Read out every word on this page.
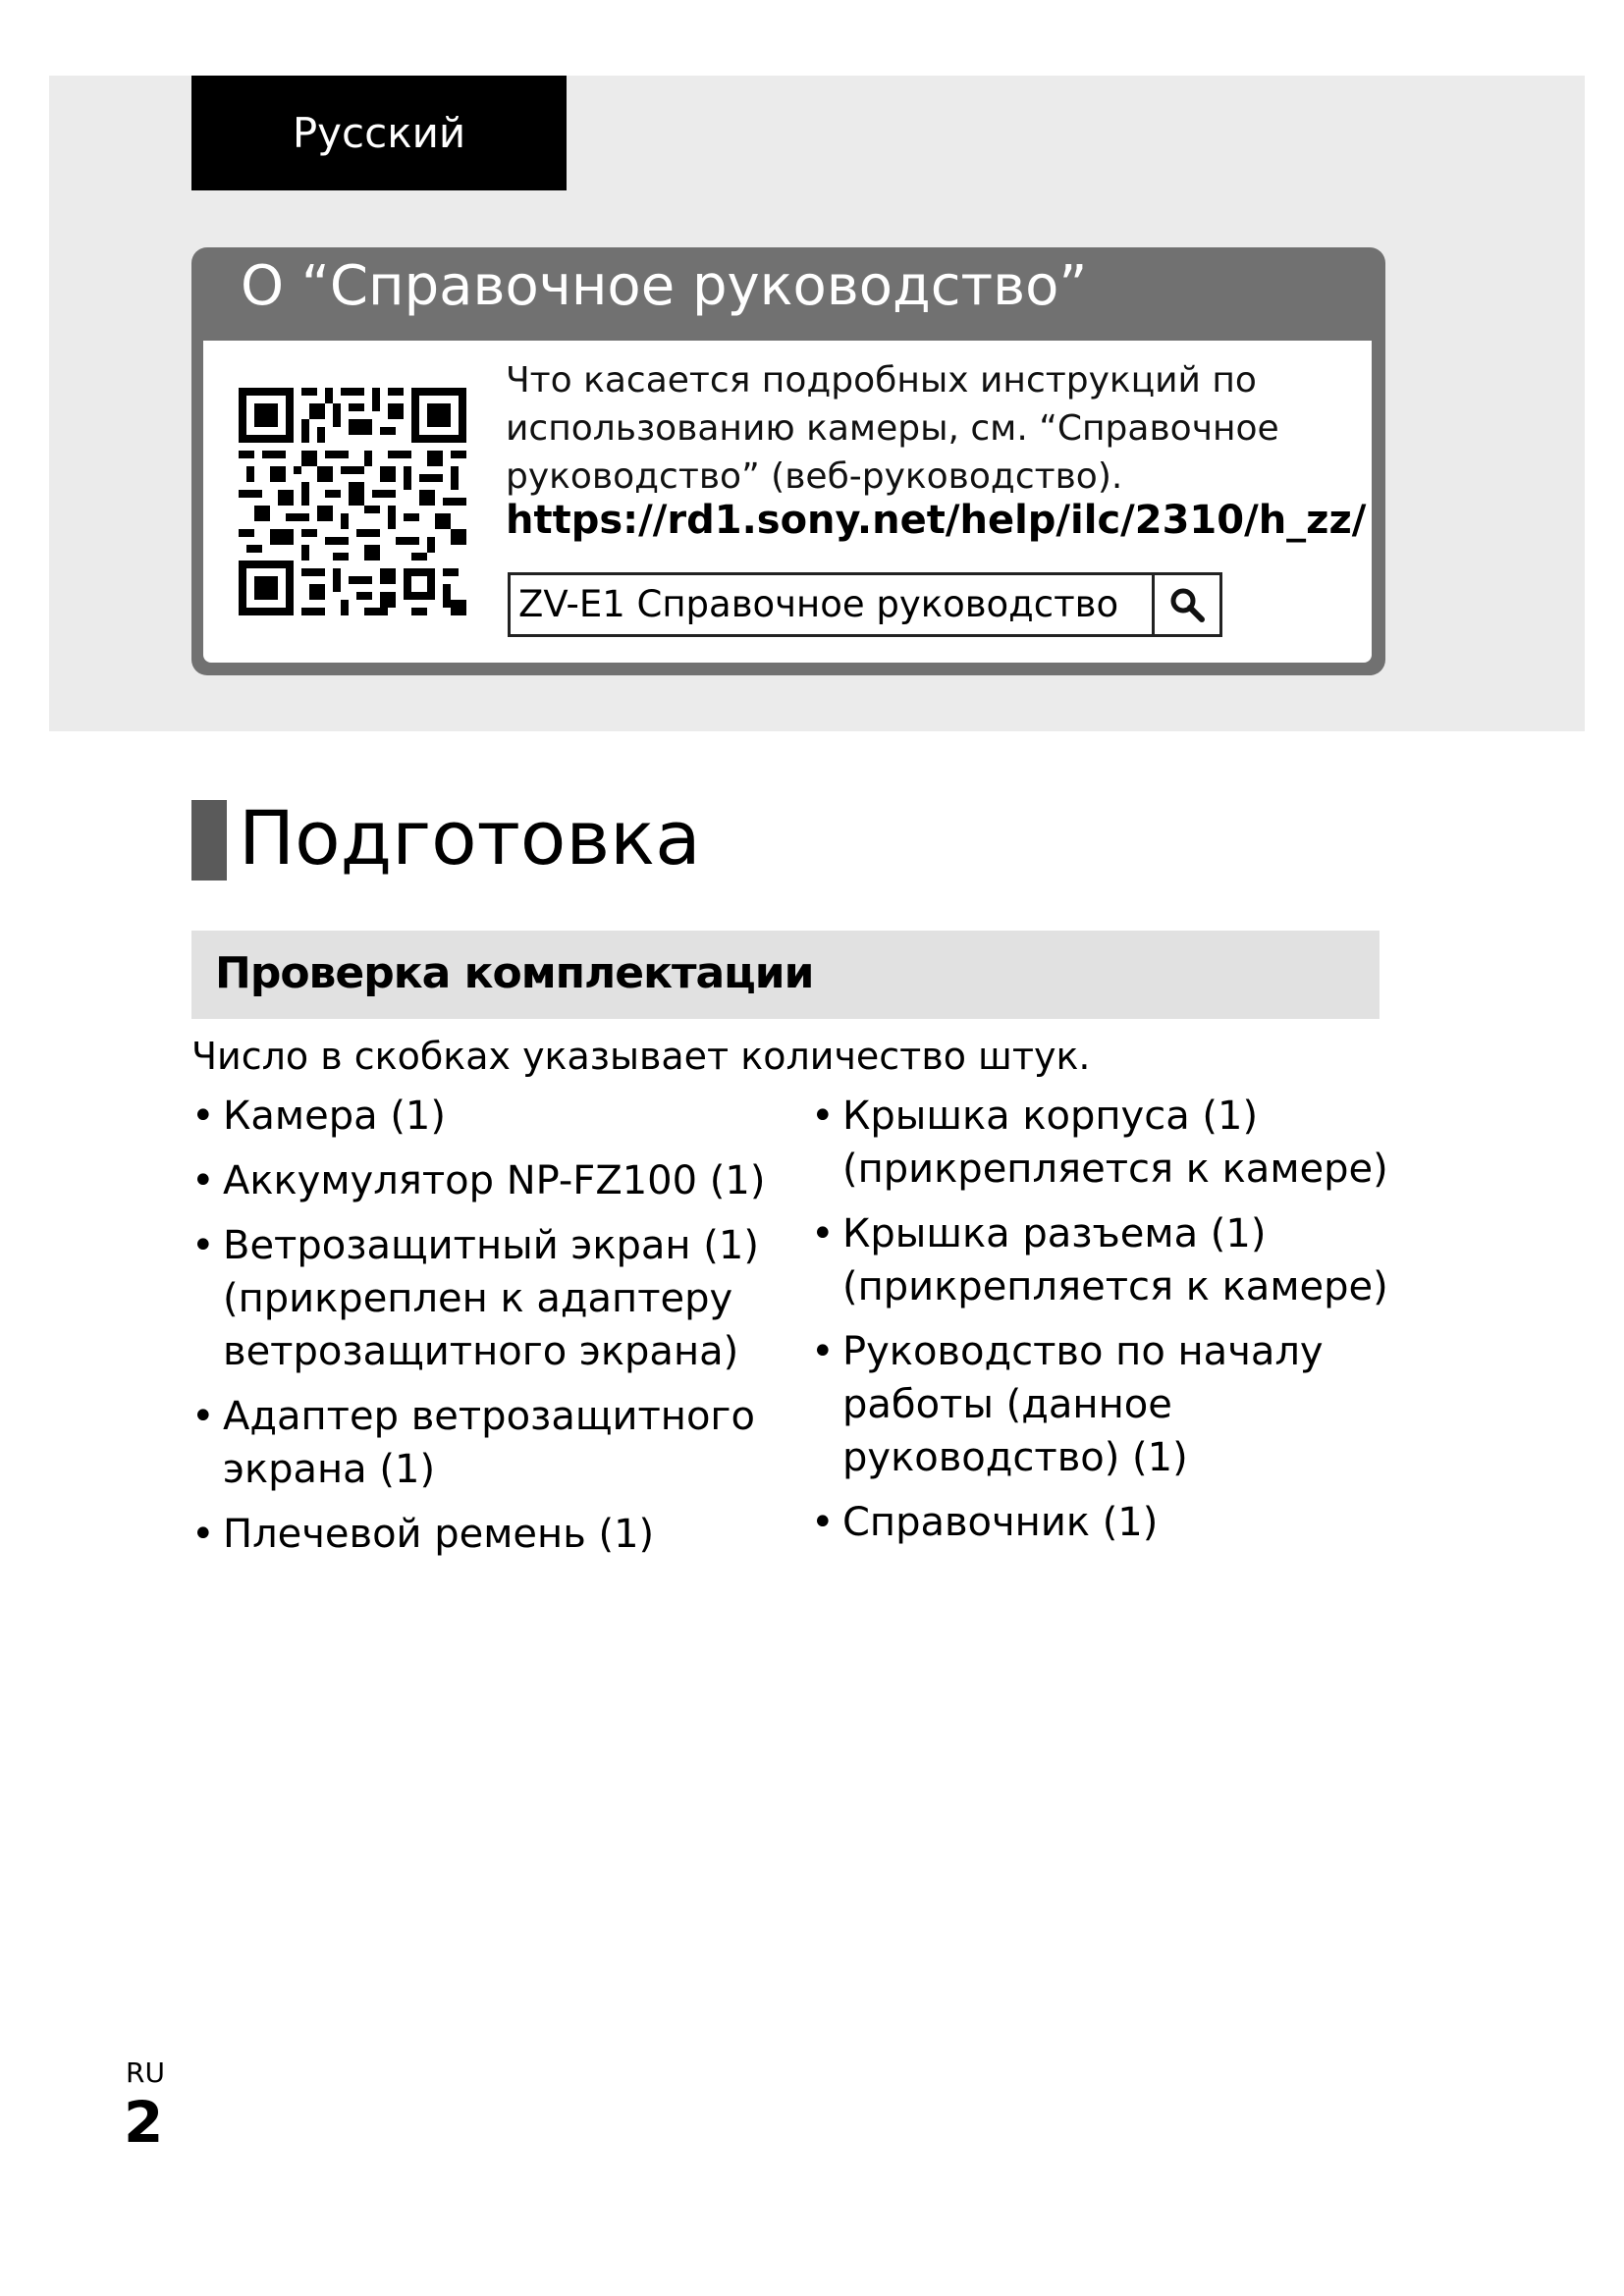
Русский
О “Справочное руководство”
Что касается подробных инструкций по
использованию камеры, см. “Справочное
руководство” (веб-руководство).
https://rd1.sony.net/help/ilc/2310/h_zz/
ZV-E1 Справочное руководство
Подготовка
Проверка комплектации
Число в скобках указывает количество штук.
• Камера (1)
• Аккумулятор NP-FZ100 (1)
• Ветрозащитный экран (1)
(прикреплен к адаптеру
ветрозащитного экрана)
• Адаптер ветрозащитного
экрана (1)
• Плечевой ремень (1)
• Крышка корпуса (1)
(прикрепляется к камере)
• Крышка разъема (1)
(прикрепляется к камере)
• Руководство по началу
работы (данное
руководство) (1)
• Справочник (1)
RU
2
